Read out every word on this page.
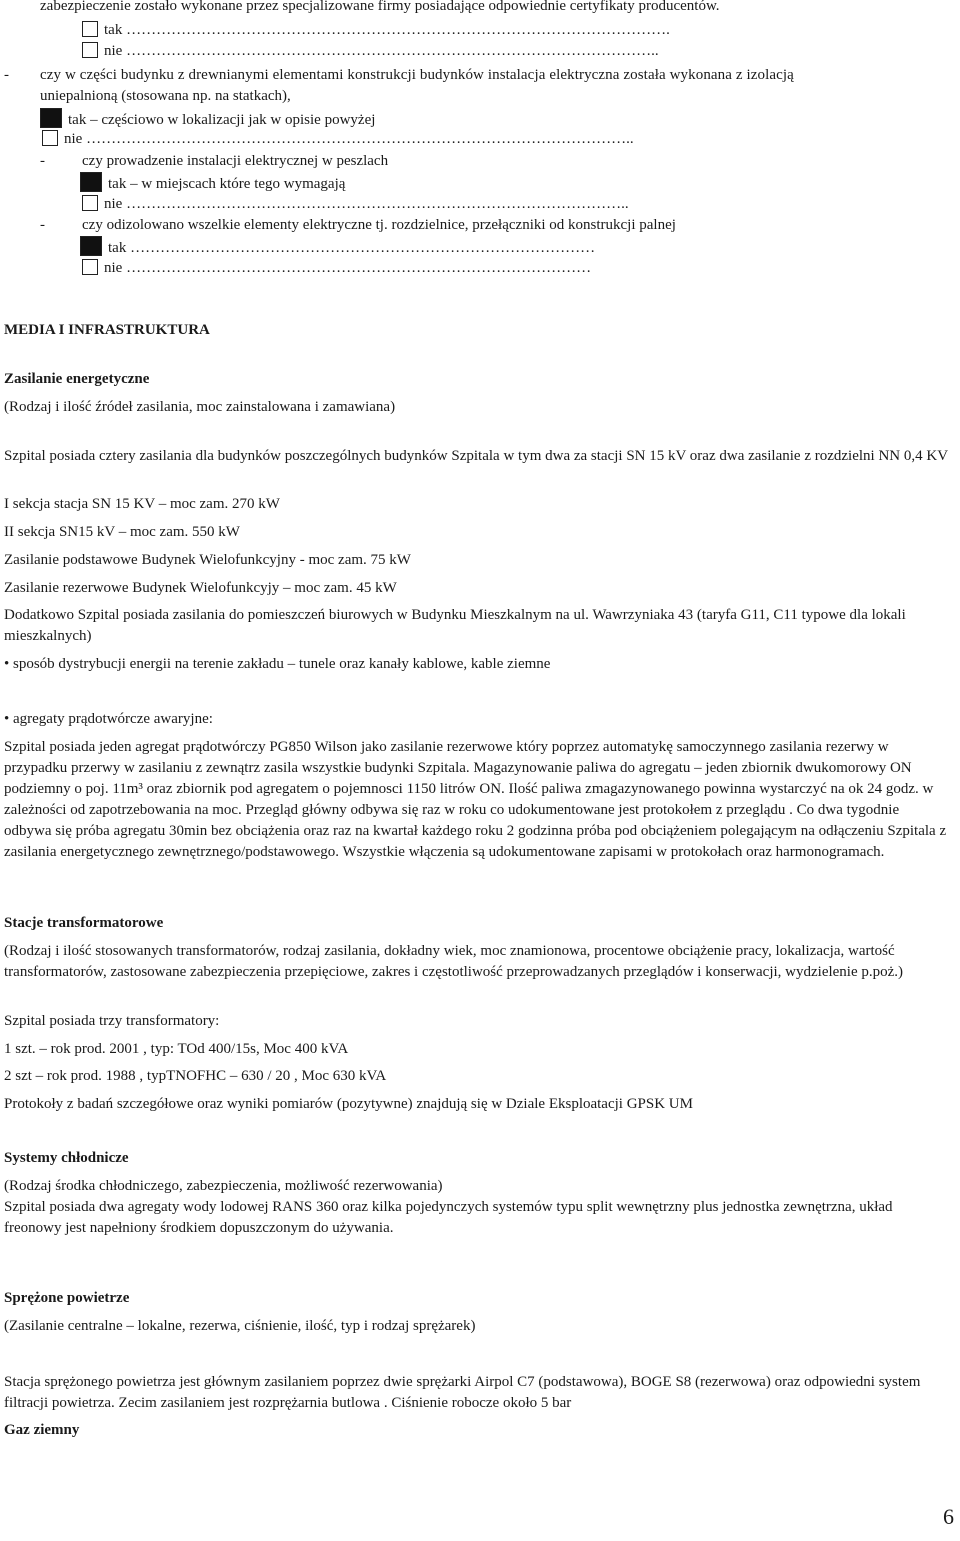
zabezpieczenie zostało wykonane przez specjalizowane firmy posiadające odpowiednie certyfikaty producentów.
tak ……………………………………………………………………………………………….
nie ……………………………………………………………………………………………..
- czy w części budynku z drewnianymi elementami konstrukcji budynków instalacja elektryczna została wykonana z izolacją
uniepalnioną (stosowana np. na statkach),
tak – częściowo w lokalizacji jak w opisie powyżej
nie ………………………………………………………………………………………………..
- czy prowadzenie instalacji elektrycznej w peszlach
tak – w miejscach które tego wymagają
nie ………………………………………………………………………………………..
- czy odizolowano wszelkie elementy elektryczne tj. rozdzielnice, przełączniki od konstrukcji palnej
tak …………………………………………………………………………………
nie …………………………………………………………………………………
MEDIA I INFRASTRUKTURA
Zasilanie energetyczne
(Rodzaj i ilość źródeł zasilania, moc zainstalowana i zamawiana)
Szpital posiada cztery zasilania dla budynków poszczególnych budynków Szpitala w tym dwa za stacji SN 15 kV oraz dwa zasilanie z rozdzielni NN 0,4 KV
I sekcja stacja SN 15 KV – moc zam. 270 kW
II sekcja SN15 kV – moc zam. 550 kW
Zasilanie podstawowe Budynek Wielofunkcyjny - moc zam. 75 kW
Zasilanie rezerwowe Budynek Wielofunkcyjy – moc zam. 45 kW
Dodatkowo Szpital posiada zasilania do pomieszczeń biurowych w Budynku Mieszkalnym na ul. Wawrzyniaka 43 (taryfa G11, C11 typowe dla lokali mieszkalnych)
• sposób dystrybucji energii na terenie zakładu – tunele oraz kanały kablowe, kable ziemne
• agregaty prądotwórcze awaryjne:
Szpital posiada jeden agregat prądotwórczy PG850 Wilson jako zasilanie rezerwowe który poprzez automatykę samoczynnego zasilania rezerwy w przypadku przerwy w zasilaniu z zewnątrz zasila wszystkie budynki Szpitala. Magazynowanie paliwa do agregatu – jeden zbiornik dwukomorowy ON podziemny o poj. 11m³ oraz zbiornik pod agregatem o pojemnosci 1150 litrów ON. Ilość paliwa zmagazynowanego powinna wystarczyć na ok 24 godz. w zależności od zapotrzebowania na moc. Przegląd główny odbywa się raz w roku co udokumentowane jest protokołem z przeglądu . Co dwa tygodnie odbywa się próba agregatu 30min bez obciążenia oraz raz na kwartał każdego roku 2 godzinna próba pod obciążeniem polegającym na odłączeniu Szpitala z zasilania energetycznego zewnętrznego/podstawowego. Wszystkie włączenia są udokumentowane zapisami w protokołach oraz harmonogramach.
Stacje transformatorowe
(Rodzaj i ilość stosowanych transformatorów, rodzaj zasilania, dokładny wiek, moc znamionowa, procentowe obciążenie pracy, lokalizacja, wartość transformatorów, zastosowane zabezpieczenia przepięciowe, zakres i częstotliwość przeprowadzanych przeglądów i konserwacji, wydzielenie p.poż.)
Szpital posiada trzy transformatory:
1 szt. – rok prod. 2001 , typ: TOd 400/15s, Moc 400 kVA
2 szt – rok prod. 1988 , typTNOFHC – 630 / 20 , Moc 630 kVA
Protokoły z badań szczegółowe oraz wyniki pomiarów (pozytywne) znajdują się w Dziale Eksploatacji GPSK UM
Systemy chłodnicze
(Rodzaj środka chłodniczego, zabezpieczenia, możliwość rezerwowania)
Szpital posiada dwa agregaty wody lodowej RANS 360 oraz kilka pojedynczych systemów typu split wewnętrzny plus jednostka zewnętrzna, układ freonowy jest napełniony środkiem dopuszczonym do używania.
Sprężone powietrze
(Zasilanie centralne – lokalne, rezerwa, ciśnienie, ilość, typ i rodzaj sprężarek)
Stacja sprężonego powietrza jest głównym zasilaniem poprzez dwie sprężarki Airpol C7 (podstawowa), BOGE S8 (rezerwowa) oraz odpowiedni system filtracji powietrza. Zecim zasilaniem jest rozprężarnia butlowa . Ciśnienie robocze około 5 bar
Gaz ziemny
6
